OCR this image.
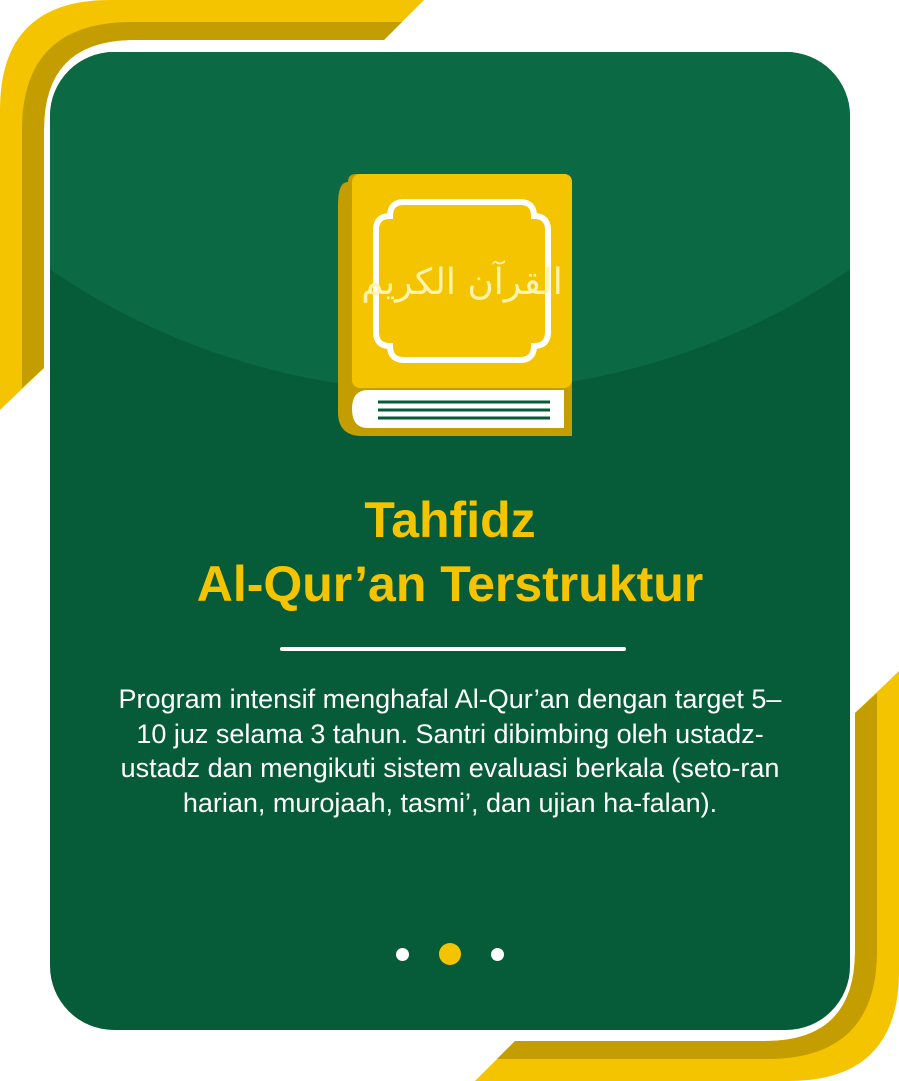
القرآن الكريم
Tahfidz
Al-Qur’an Terstruktur
Program intensif menghafal Al-Qur’an dengan target 5–10 juz selama 3 tahun. Santri dibimbing oleh ustadz-ustadz dan mengikuti sistem evaluasi berkala (seto-ran harian, murojaah, tasmi’, dan ujian ha-falan).
